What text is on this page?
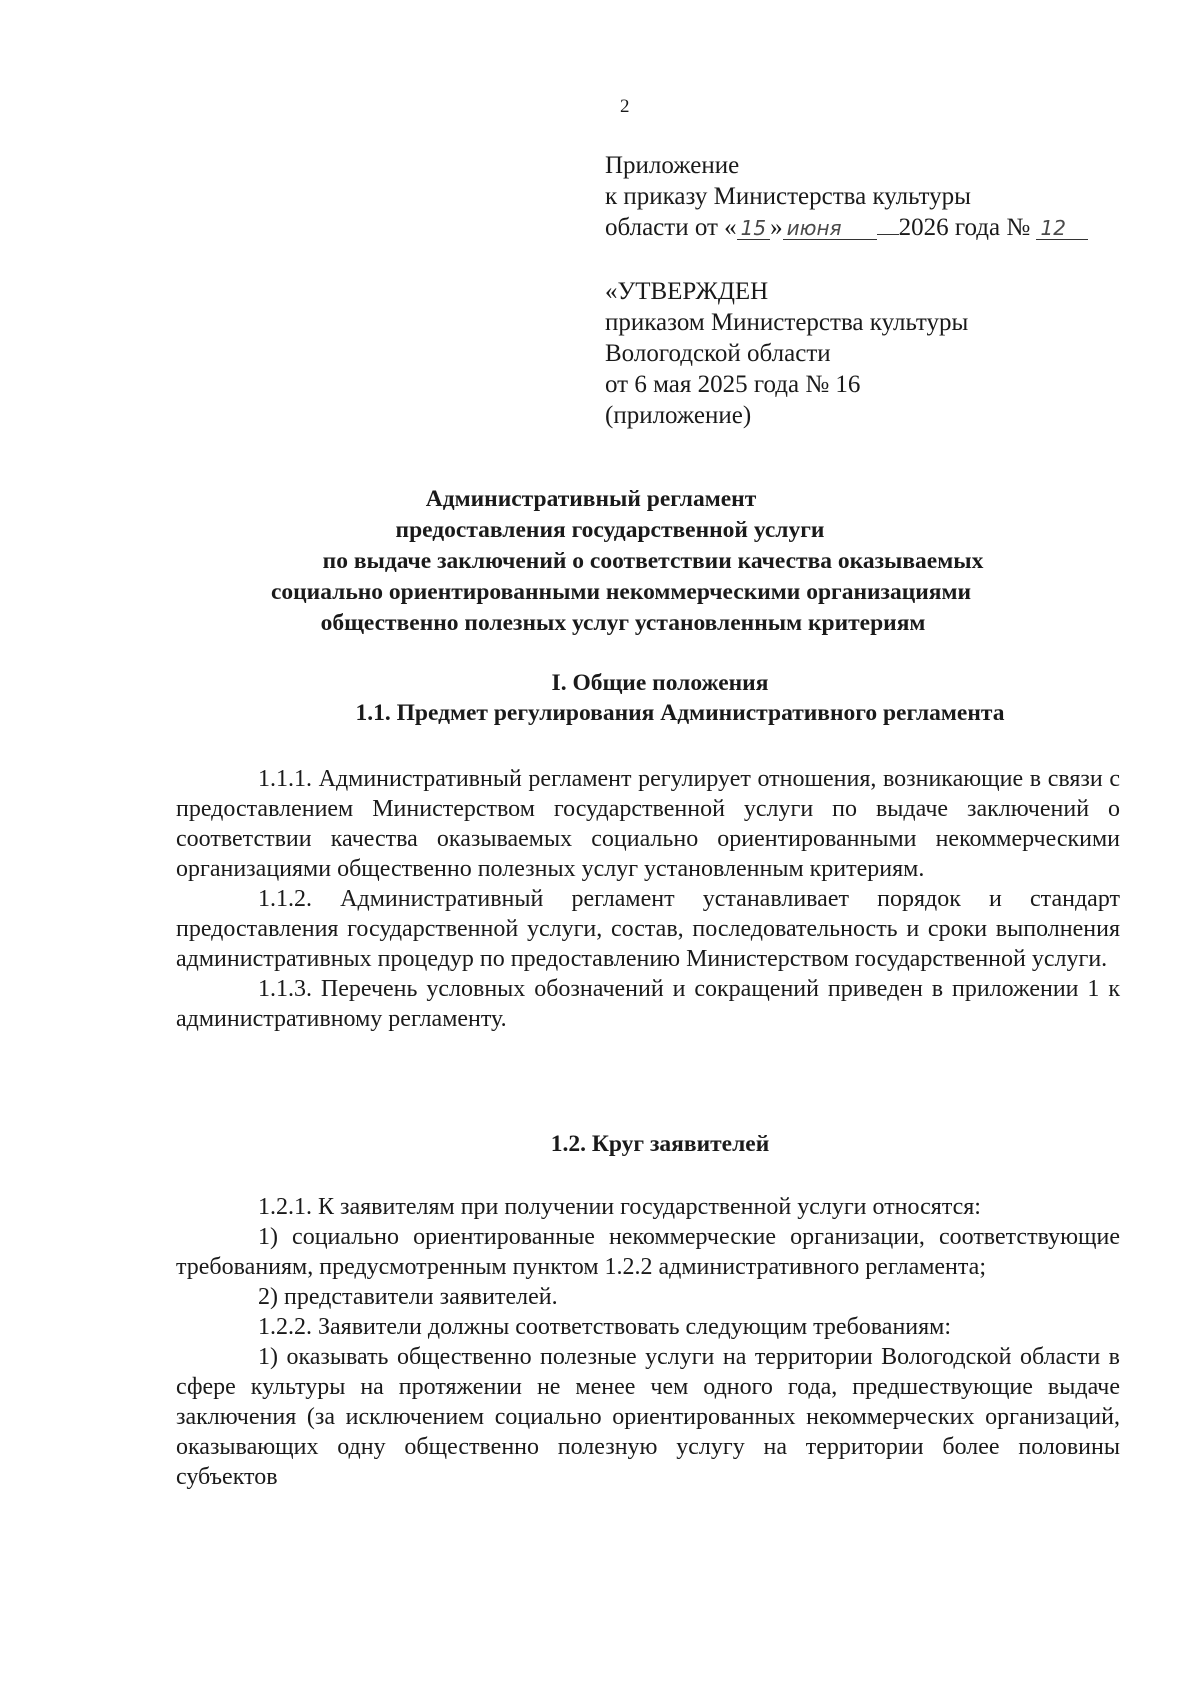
2
Приложение
к приказу Министерства культуры
области от « 15 » июня 2026 года № 12
«УТВЕРЖДЕН
приказом Министерства культуры
Вологодской области
от 6 мая 2025 года № 16
(приложение)
Административный регламент
предоставления государственной услуги
по выдаче заключений о соответствии качества оказываемых
социально ориентированными некоммерческими организациями
общественно полезных услуг установленным критериям
I. Общие положения
1.1. Предмет регулирования Административного регламента

1.1.1. Административный регламент регулирует отношения, возникающие в связи с предоставлением Министерством государственной услуги по выдаче заключений о соответствии качества оказываемых социально ориентированными некоммерческими организациями общественно полезных услуг установленным критериям.

1.1.2. Административный регламент устанавливает порядок и стандарт предоставления государственной услуги, состав, последовательность и сроки выполнения административных процедур по предоставлению Министерством государственной услуги.

1.1.3. Перечень условных обозначений и сокращений приведен в приложении 1 к административному регламенту.

1.2. Круг заявителей

1.2.1. К заявителям при получении государственной услуги относятся:

1) социально ориентированные некоммерческие организации, соответствующие требованиям, предусмотренным пунктом 1.2.2 административного регламента;

2) представители заявителей.

1.2.2. Заявители должны соответствовать следующим требованиям:

1) оказывать общественно полезные услуги на территории Вологодской области в сфере культуры на протяжении не менее чем одного года, предшествующие выдаче заключения (за исключением социально ориентированных некоммерческих организаций, оказывающих одну общественно полезную услугу на территории более половины субъектов
